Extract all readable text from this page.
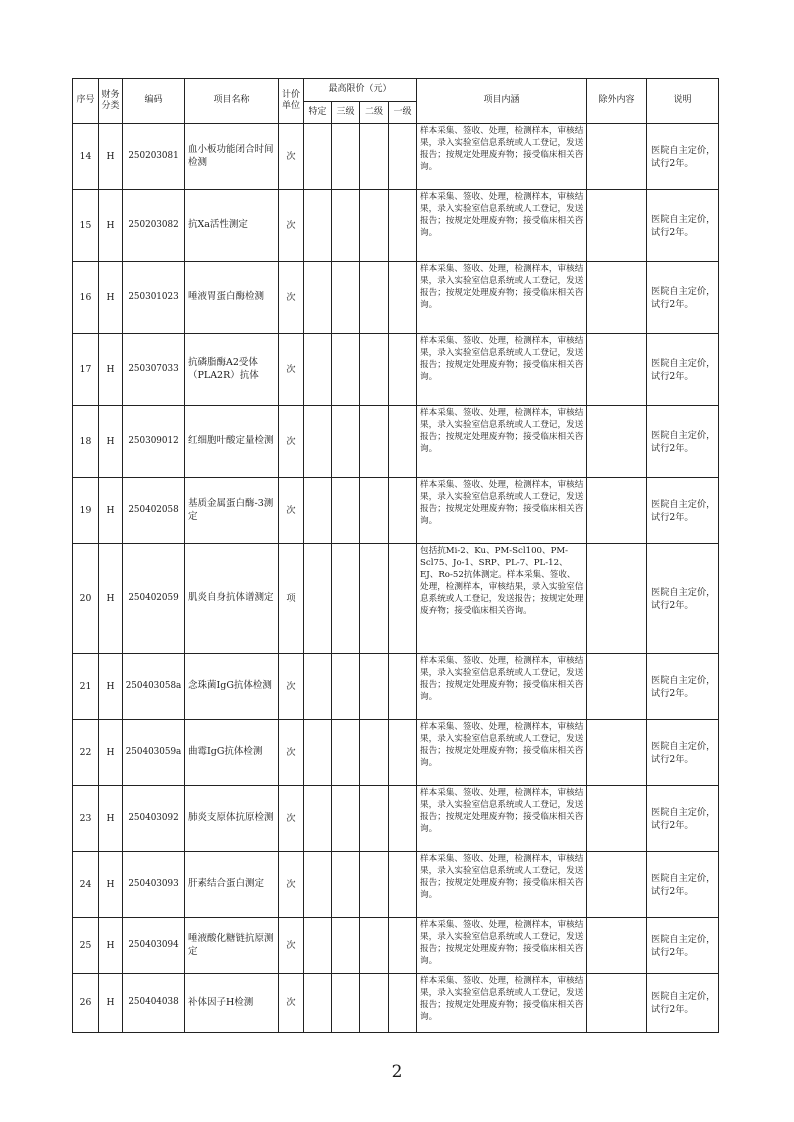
序号	财务分类	编码	项目名称	计价单位	最高限价（元）				项目内涵	除外内容	说明
					特定	三级	二级	一级			
14	H	250203081	血小板功能闭合时间检测	次					样本采集、签收、处理，检测样本，审核结果，录入实验室信息系统或人工登记，发送报告；按规定处理废弃物；接受临床相关咨询。		医院自主定价，试行2年。
15	H	250203082	抗Xa活性测定	次					样本采集、签收、处理，检测样本，审核结果，录入实验室信息系统或人工登记，发送报告；按规定处理废弃物；接受临床相关咨询。		医院自主定价，试行2年。
16	H	250301023	唾液胃蛋白酶检测	次					样本采集、签收、处理，检测样本，审核结果，录入实验室信息系统或人工登记，发送报告；按规定处理废弃物；接受临床相关咨询。		医院自主定价，试行2年。
17	H	250307033	抗磷脂酶A2受体（PLA2R）抗体	次					样本采集、签收、处理，检测样本，审核结果，录入实验室信息系统或人工登记，发送报告；按规定处理废弃物；接受临床相关咨询。		医院自主定价，试行2年。
18	H	250309012	红细胞叶酸定量检测	次					样本采集、签收、处理，检测样本，审核结果，录入实验室信息系统或人工登记，发送报告；按规定处理废弃物；接受临床相关咨询。		医院自主定价，试行2年。
19	H	250402058	基质金属蛋白酶-3测定	次					样本采集、签收、处理，检测样本，审核结果，录入实验室信息系统或人工登记，发送报告；按规定处理废弃物；接受临床相关咨询。		医院自主定价，试行2年。
20	H	250402059	肌炎自身抗体谱测定	项					包括抗Mi-2、Ku、PM-Scl100、PM-Scl75、Jo-1、SRP、PL-7、PL-12、EJ、Ro-52抗体测定。样本采集、签收、处理，检测样本，审核结果，录入实验室信息系统或人工登记，发送报告；按规定处理废弃物；接受临床相关咨询。		医院自主定价，试行2年。
21	H	250403058a	念珠菌IgG抗体检测	次					样本采集、签收、处理，检测样本，审核结果，录入实验室信息系统或人工登记，发送报告；按规定处理废弃物；接受临床相关咨询。		医院自主定价，试行2年。
22	H	250403059a	曲霉IgG抗体检测	次					样本采集、签收、处理，检测样本，审核结果，录入实验室信息系统或人工登记，发送报告；按规定处理废弃物；接受临床相关咨询。		医院自主定价，试行2年。
23	H	250403092	肺炎支原体抗原检测	次					样本采集、签收、处理，检测样本，审核结果，录入实验室信息系统或人工登记，发送报告；按规定处理废弃物；接受临床相关咨询。		医院自主定价，试行2年。
24	H	250403093	肝素结合蛋白测定	次					样本采集、签收、处理，检测样本，审核结果，录入实验室信息系统或人工登记，发送报告；按规定处理废弃物；接受临床相关咨询。		医院自主定价，试行2年。
25	H	250403094	唾液酸化糖链抗原测定	次					样本采集、签收、处理，检测样本，审核结果，录入实验室信息系统或人工登记，发送报告；按规定处理废弃物；接受临床相关咨询。		医院自主定价，试行2年。
26	H	250404038	补体因子H检测	次					样本采集、签收、处理，检测样本，审核结果，录入实验室信息系统或人工登记，发送报告；按规定处理废弃物；接受临床相关咨询。		医院自主定价，试行2年。
2
